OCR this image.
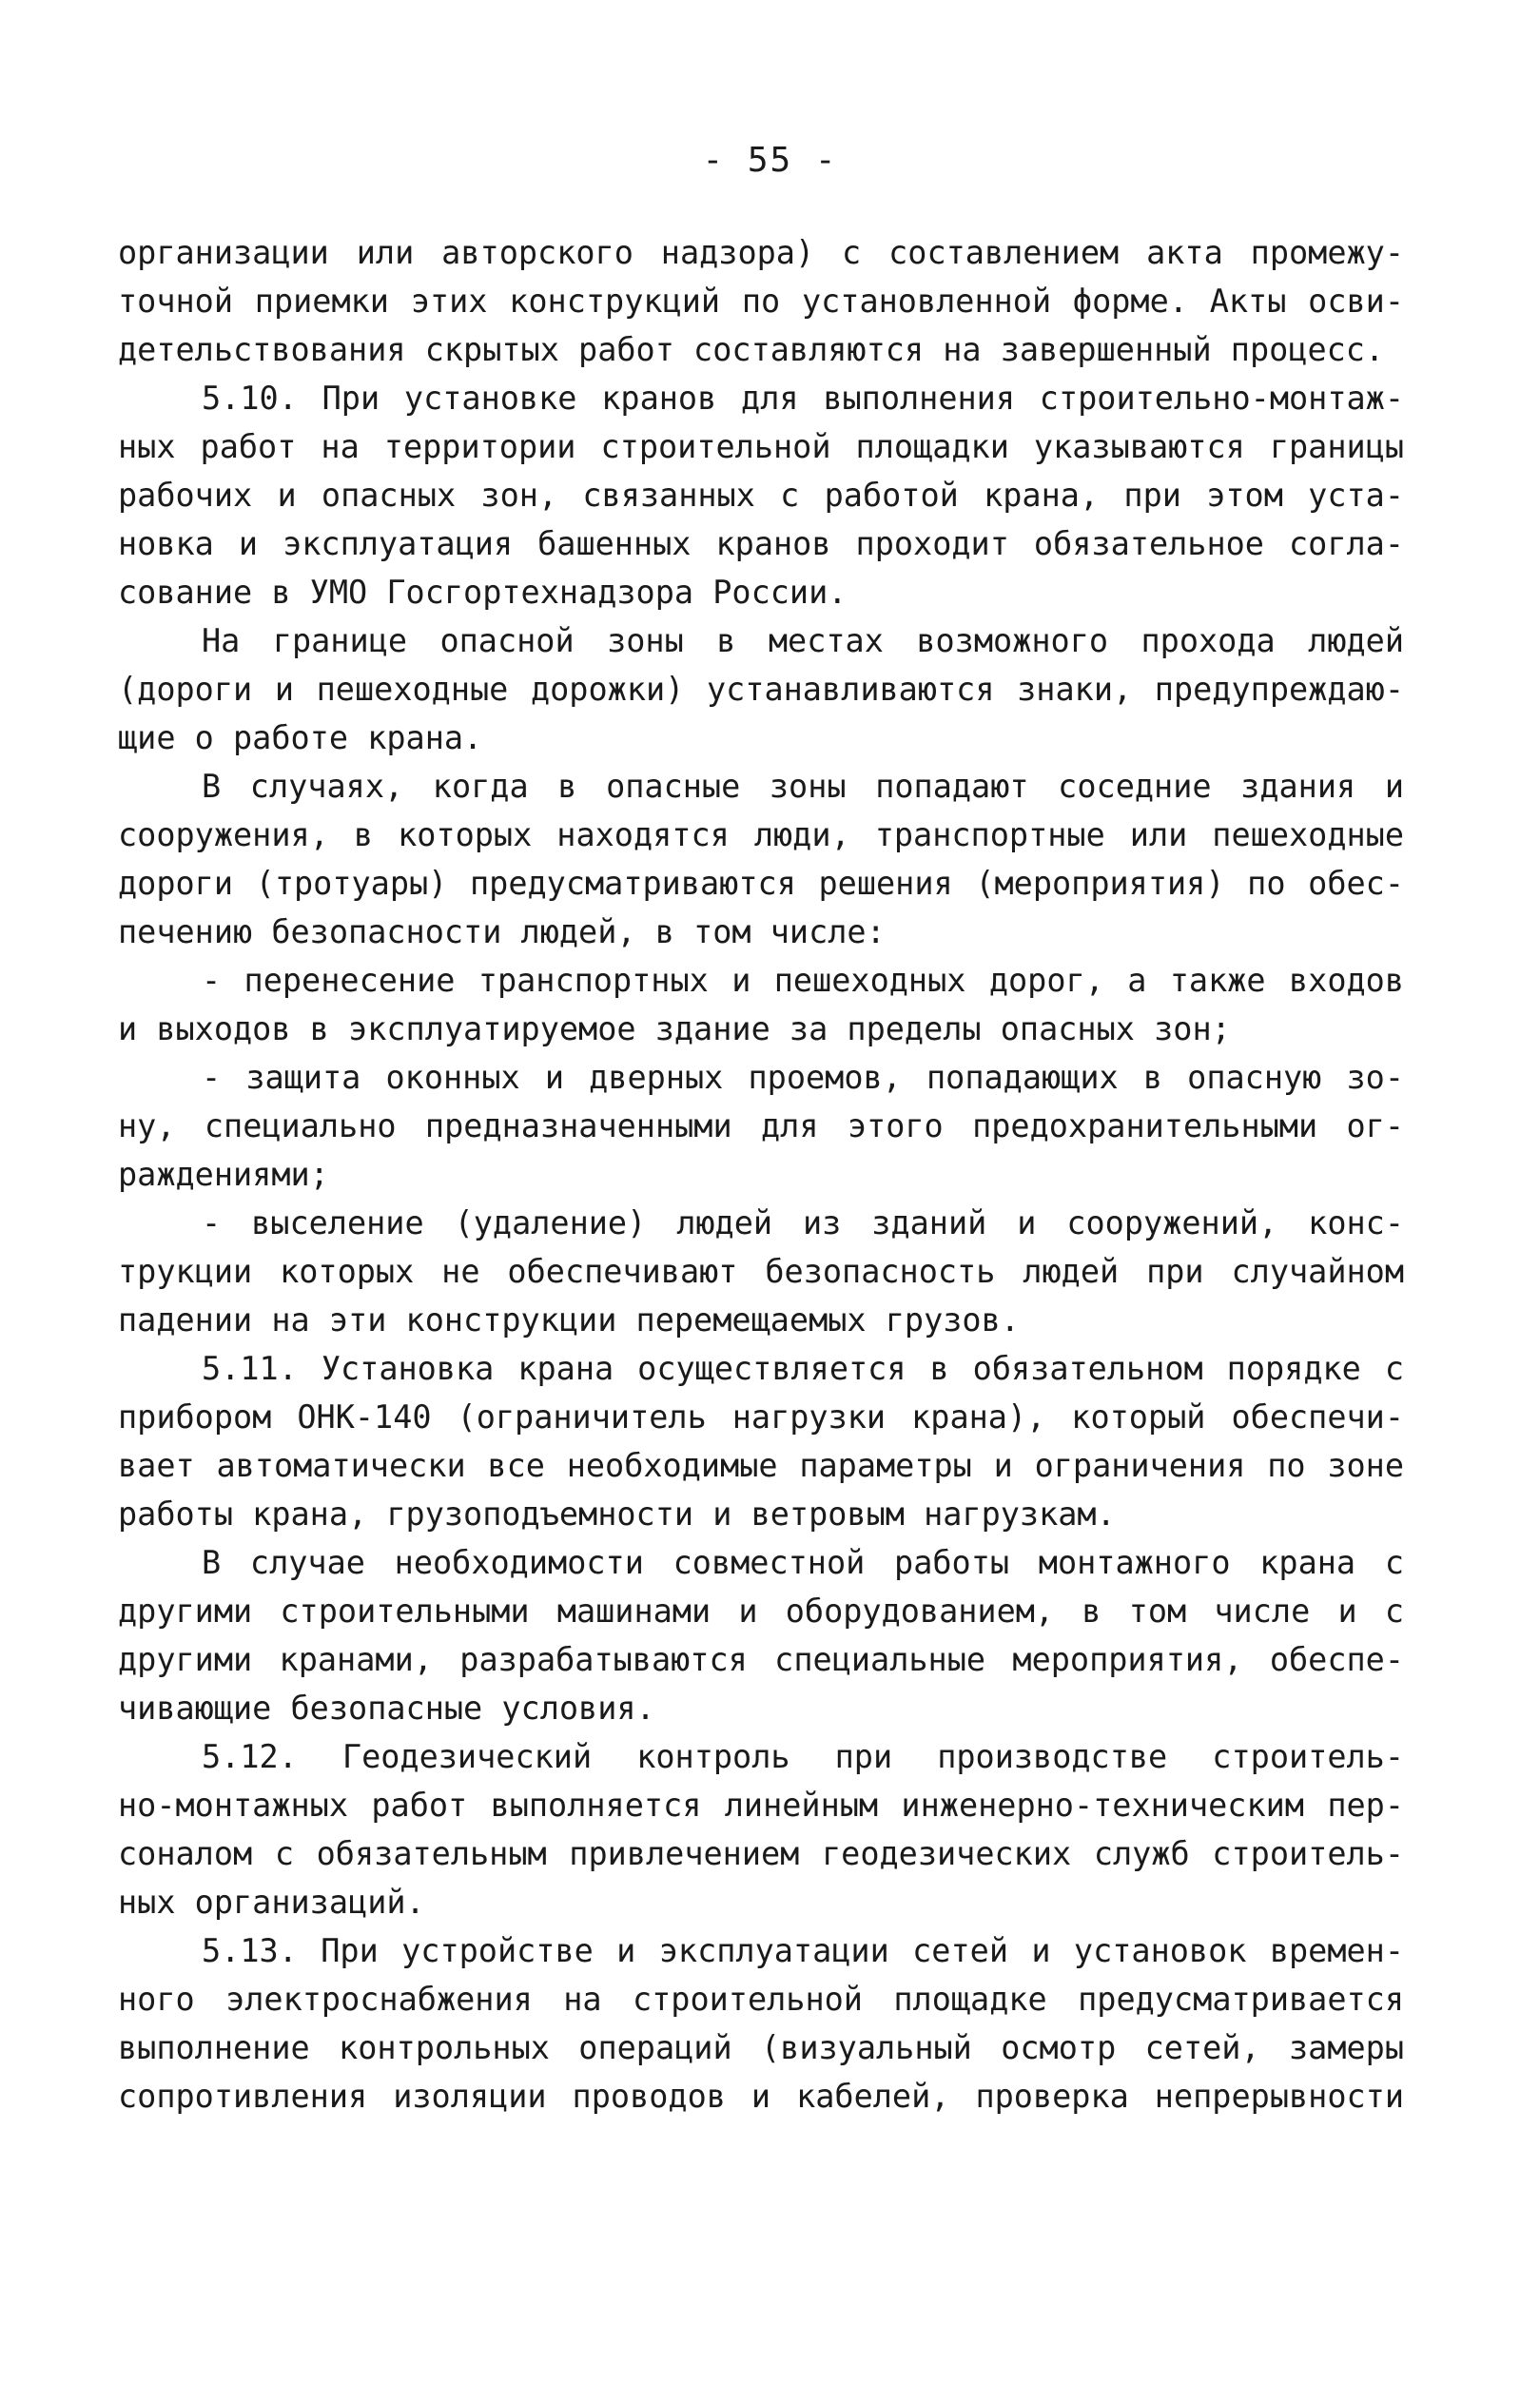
- 55 -
организации или авторского надзора) с составлением акта промежу-
точной приемки этих конструкций по установленной форме. Акты осви-
детельствования скрытых работ составляются на завершенный процесс.
5.10. При установке кранов для выполнения строительно-монтаж-
ных работ на территории строительной площадки указываются границы
рабочих и опасных зон, связанных с работой крана, при этом уста-
новка и эксплуатация башенных кранов проходит обязательное согла-
сование в УМО Госгортехнадзора России.
На границе опасной зоны в местах возможного прохода людей
(дороги и пешеходные дорожки) устанавливаются знаки, предупреждаю-
щие о работе крана.
В случаях, когда в опасные зоны попадают соседние здания и
сооружения, в которых находятся люди, транспортные или пешеходные
дороги (тротуары) предусматриваются решения (мероприятия) по обес-
печению безопасности людей, в том числе:
- перенесение транспортных и пешеходных дорог, а также входов
и выходов в эксплуатируемое здание за пределы опасных зон;
- защита оконных и дверных проемов, попадающих в опасную зо-
ну, специально предназначенными для этого предохранительными ог-
раждениями;
- выселение (удаление) людей из зданий и сооружений, конс-
трукции которых не обеспечивают безопасность людей при случайном
падении на эти конструкции перемещаемых грузов.
5.11. Установка крана осуществляется в обязательном порядке с
прибором ОНК-140 (ограничитель нагрузки крана), который обеспечи-
вает автоматически все необходимые параметры и ограничения по зоне
работы крана, грузоподъемности и ветровым нагрузкам.
В случае необходимости совместной работы монтажного крана с
другими строительными машинами и оборудованием, в том числе и с
другими кранами, разрабатываются специальные мероприятия, обеспе-
чивающие безопасные условия.
5.12. Геодезический контроль при производстве строитель-
но-монтажных работ выполняется линейным инженерно-техническим пер-
соналом с обязательным привлечением геодезических служб строитель-
ных организаций.
5.13. При устройстве и эксплуатации сетей и установок времен-
ного электроснабжения на строительной площадке предусматривается
выполнение контрольных операций (визуальный осмотр сетей, замеры
сопротивления изоляции проводов и кабелей, проверка непрерывности
